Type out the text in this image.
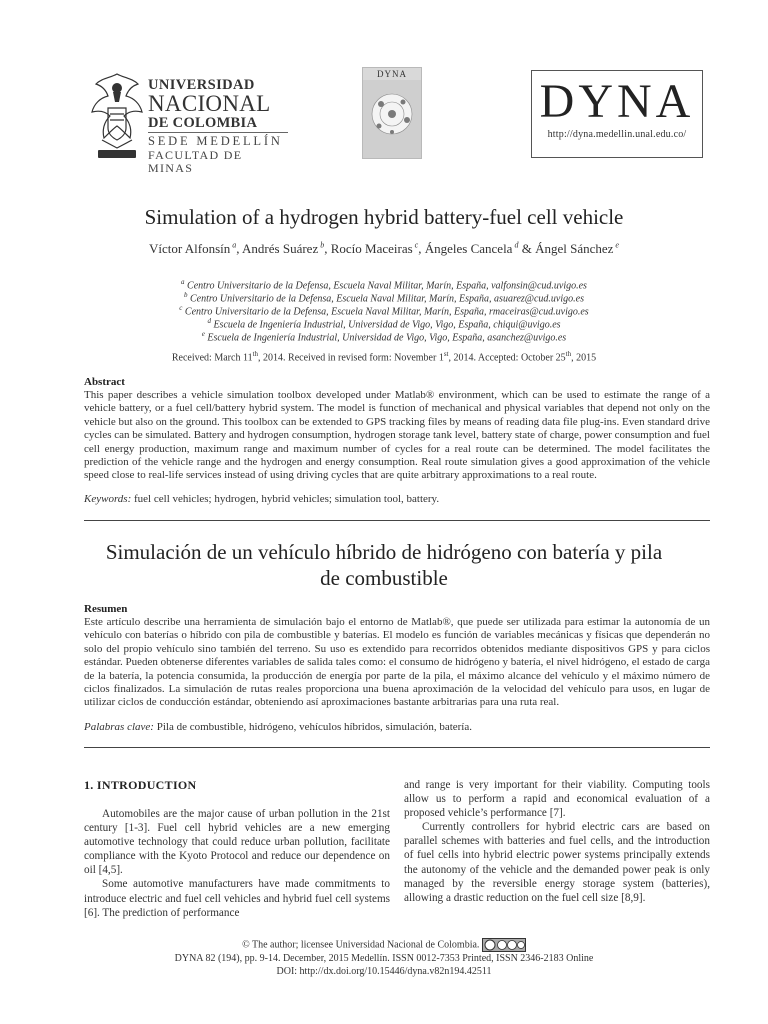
UNIVERSIDAD
NACIONAL
DE COLOMBIA
SEDE MEDELLÍN
FACULTAD DE MINAS
DYNA
DYNA
http://dyna.medellin.unal.edu.co/
Simulation of a hydrogen hybrid battery-fuel cell vehicle
Víctor Alfonsín $^a$, Andrés Suárez $^b$, Rocío Maceiras $^c$, Ángeles Cancela $^d$ & Ángel Sánchez $^e$
$^a$ Centro Universitario de la Defensa, Escuela Naval Militar, Marín, España, valfonsin@cud.uvigo.es
$^b$ Centro Universitario de la Defensa, Escuela Naval Militar, Marín, España, asuarez@cud.uvigo.es
$^c$ Centro Universitario de la Defensa, Escuela Naval Militar, Marín, España, rmaceiras@cud.uvigo.es
$^d$ Escuela de Ingeniería Industrial, Universidad de Vigo, Vigo, España, chiqui@uvigo.es
$^e$ Escuela de Ingeniería Industrial, Universidad de Vigo, Vigo, España, asanchez@uvigo.es
Received: March 11th, 2014. Received in revised form: November 1st, 2014. Accepted: October 25th, 2015
Abstract
This paper describes a vehicle simulation toolbox developed under Matlab® environment, which can be used to estimate the range of a vehicle battery, or a fuel cell/battery hybrid system. The model is function of mechanical and physical variables that depend not only on the vehicle but also on the ground. This toolbox can be extended to GPS tracking files by means of reading data file plug-ins. Even standard drive cycles can be simulated. Battery and hydrogen consumption, hydrogen storage tank level, battery state of charge, power consumption and fuel cell energy production, maximum range and maximum number of cycles for a real route can be determined. The model facilitates the prediction of the vehicle range and the hydrogen and energy consumption. Real route simulation gives a good approximation of the vehicle speed close to real-life services instead of using driving cycles that are quite arbitrary approximations to a real route.
Keywords: fuel cell vehicles; hydrogen, hybrid vehicles; simulation tool, battery.
Simulación de un vehículo híbrido de hidrógeno con batería y pila
de combustible
Resumen
Este artículo describe una herramienta de simulación bajo el entorno de Matlab®, que puede ser utilizada para estimar la autonomía de un vehículo con baterías o híbrido con pila de combustible y baterías. El modelo es función de variables mecánicas y físicas que dependerán no solo del propio vehículo sino también del terreno. Su uso es extendido para recorridos obtenidos mediante dispositivos GPS y para ciclos estándar. Pueden obtenerse diferentes variables de salida tales como: el consumo de hidrógeno y batería, el nivel hidrógeno, el estado de carga de la batería, la potencia consumida, la producción de energía por parte de la pila, el máximo alcance del vehículo y el máximo número de ciclos finalizados. La simulación de rutas reales proporciona una buena aproximación de la velocidad del vehículo para usos, en lugar de utilizar ciclos de conducción estándar, obteniendo así aproximaciones bastante arbitrarias para una ruta real.
Palabras clave: Pila de combustible, hidrógeno, vehículos híbridos, simulación, batería.
1. INTRODUCTION

Automobiles are the major cause of urban pollution in the 21st century [1-3]. Fuel cell hybrid vehicles are a new emerging automotive technology that could reduce urban pollution, facilitate compliance with the Kyoto Protocol and reduce our dependence on oil [4,5].

Some automotive manufacturers have made commitments to introduce electric and fuel cell vehicles and hybrid fuel cell systems [6]. The prediction of performance

and range is very important for their viability. Computing tools allow us to perform a rapid and economical evaluation of a proposed vehicle’s performance [7].

Currently controllers for hybrid electric cars are based on parallel schemes with batteries and fuel cells, and the introduction of fuel cells into hybrid electric power systems principally extends the autonomy of the vehicle and the demanded power peak is only managed by the reversible energy storage system (batteries), allowing a drastic reduction on the fuel cell size [8,9].

© The author; licensee Universidad Nacional de Colombia.
DYNA 82 (194), pp. 9-14. December, 2015 Medellín. ISSN 0012-7353 Printed, ISSN 2346-2183 Online
DOI: http://dx.doi.org/10.15446/dyna.v82n194.42511
